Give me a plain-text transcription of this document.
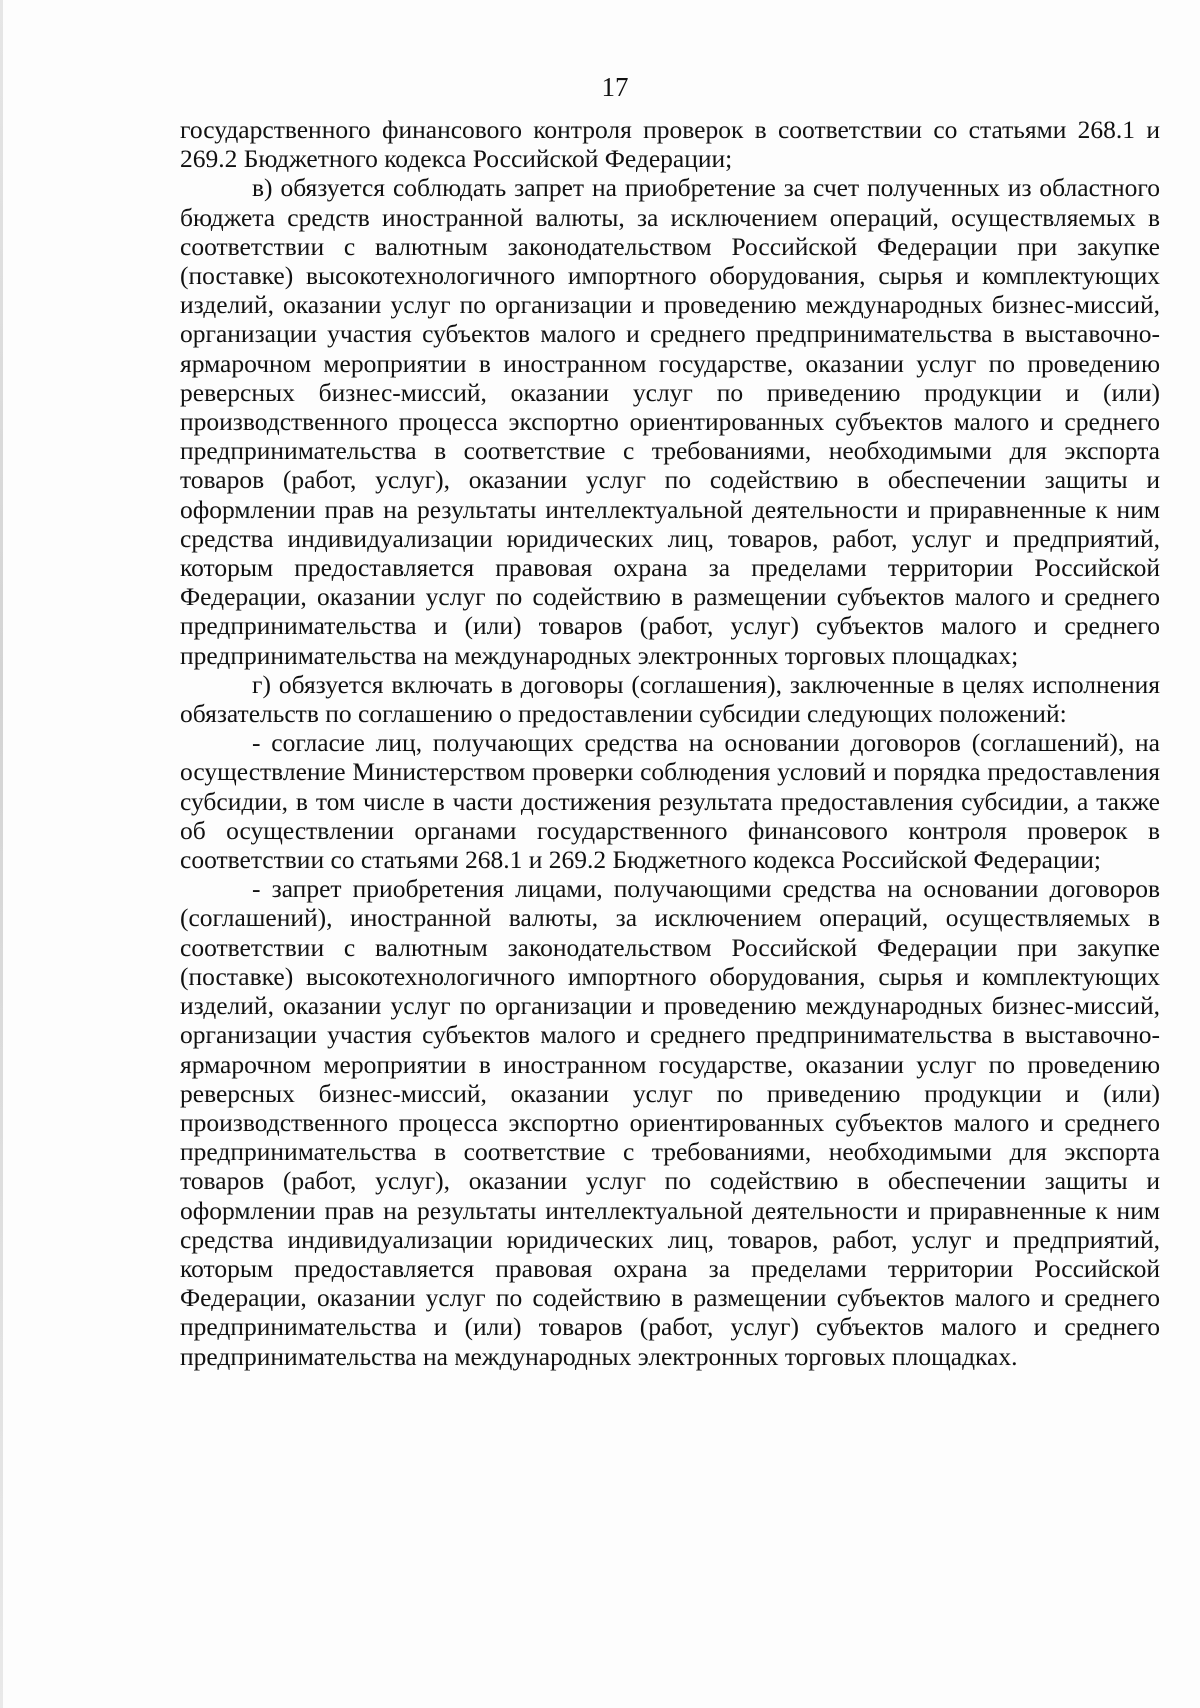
17

государственного финансового контроля проверок в соответствии со статьями 268.1 и 269.2 Бюджетного кодекса Российской Федерации;

в) обязуется соблюдать запрет на приобретение за счет полученных из областного бюджета средств иностранной валюты, за исключением операций, осуществляемых в соответствии с валютным законодательством Российской Федерации при закупке (поставке) высокотехнологичного импортного оборудования, сырья и комплектующих изделий, оказании услуг по организации и проведению международных бизнес-миссий, организации участия субъектов малого и среднего предпринимательства в выставочно-ярмарочном мероприятии в иностранном государстве, оказании услуг по проведению реверсных бизнес-миссий, оказании услуг по приведению продукции и (или) производственного процесса экспортно ориентированных субъектов малого и среднего предпринимательства в соответствие с требованиями, необходимыми для экспорта товаров (работ, услуг), оказании услуг по содействию в обеспечении защиты и оформлении прав на результаты интеллектуальной деятельности и приравненные к ним средства индивидуализации юридических лиц, товаров, работ, услуг и предприятий, которым предоставляется правовая охрана за пределами территории Российской Федерации, оказании услуг по содействию в размещении субъектов малого и среднего предпринимательства и (или) товаров (работ, услуг) субъектов малого и среднего предпринимательства на международных электронных торговых площадках;

г) обязуется включать в договоры (соглашения), заключенные в целях исполнения обязательств по соглашению о предоставлении субсидии следующих положений:

- согласие лиц, получающих средства на основании договоров (соглашений), на осуществление Министерством проверки соблюдения условий и порядка предоставления субсидии, в том числе в части достижения результата предоставления субсидии, а также об осуществлении органами государственного финансового контроля проверок в соответствии со статьями 268.1 и 269.2 Бюджетного кодекса Российской Федерации;

- запрет приобретения лицами, получающими средства на основании договоров (соглашений), иностранной валюты, за исключением операций, осуществляемых в соответствии с валютным законодательством Российской Федерации при закупке (поставке) высокотехнологичного импортного оборудования, сырья и комплектующих изделий, оказании услуг по организации и проведению международных бизнес-миссий, организации участия субъектов малого и среднего предпринимательства в выставочно-ярмарочном мероприятии в иностранном государстве, оказании услуг по проведению реверсных бизнес-миссий, оказании услуг по приведению продукции и (или) производственного процесса экспортно ориентированных субъектов малого и среднего предпринимательства в соответствие с требованиями, необходимыми для экспорта товаров (работ, услуг), оказании услуг по содействию в обеспечении защиты и оформлении прав на результаты интеллектуальной деятельности и приравненные к ним средства индивидуализации юридических лиц, товаров, работ, услуг и предприятий, которым предоставляется правовая охрана за пределами территории Российской Федерации, оказании услуг по содействию в размещении субъектов малого и среднего предпринимательства и (или) товаров (работ, услуг) субъектов малого и среднего предпринимательства на международных электронных торговых площадках.
